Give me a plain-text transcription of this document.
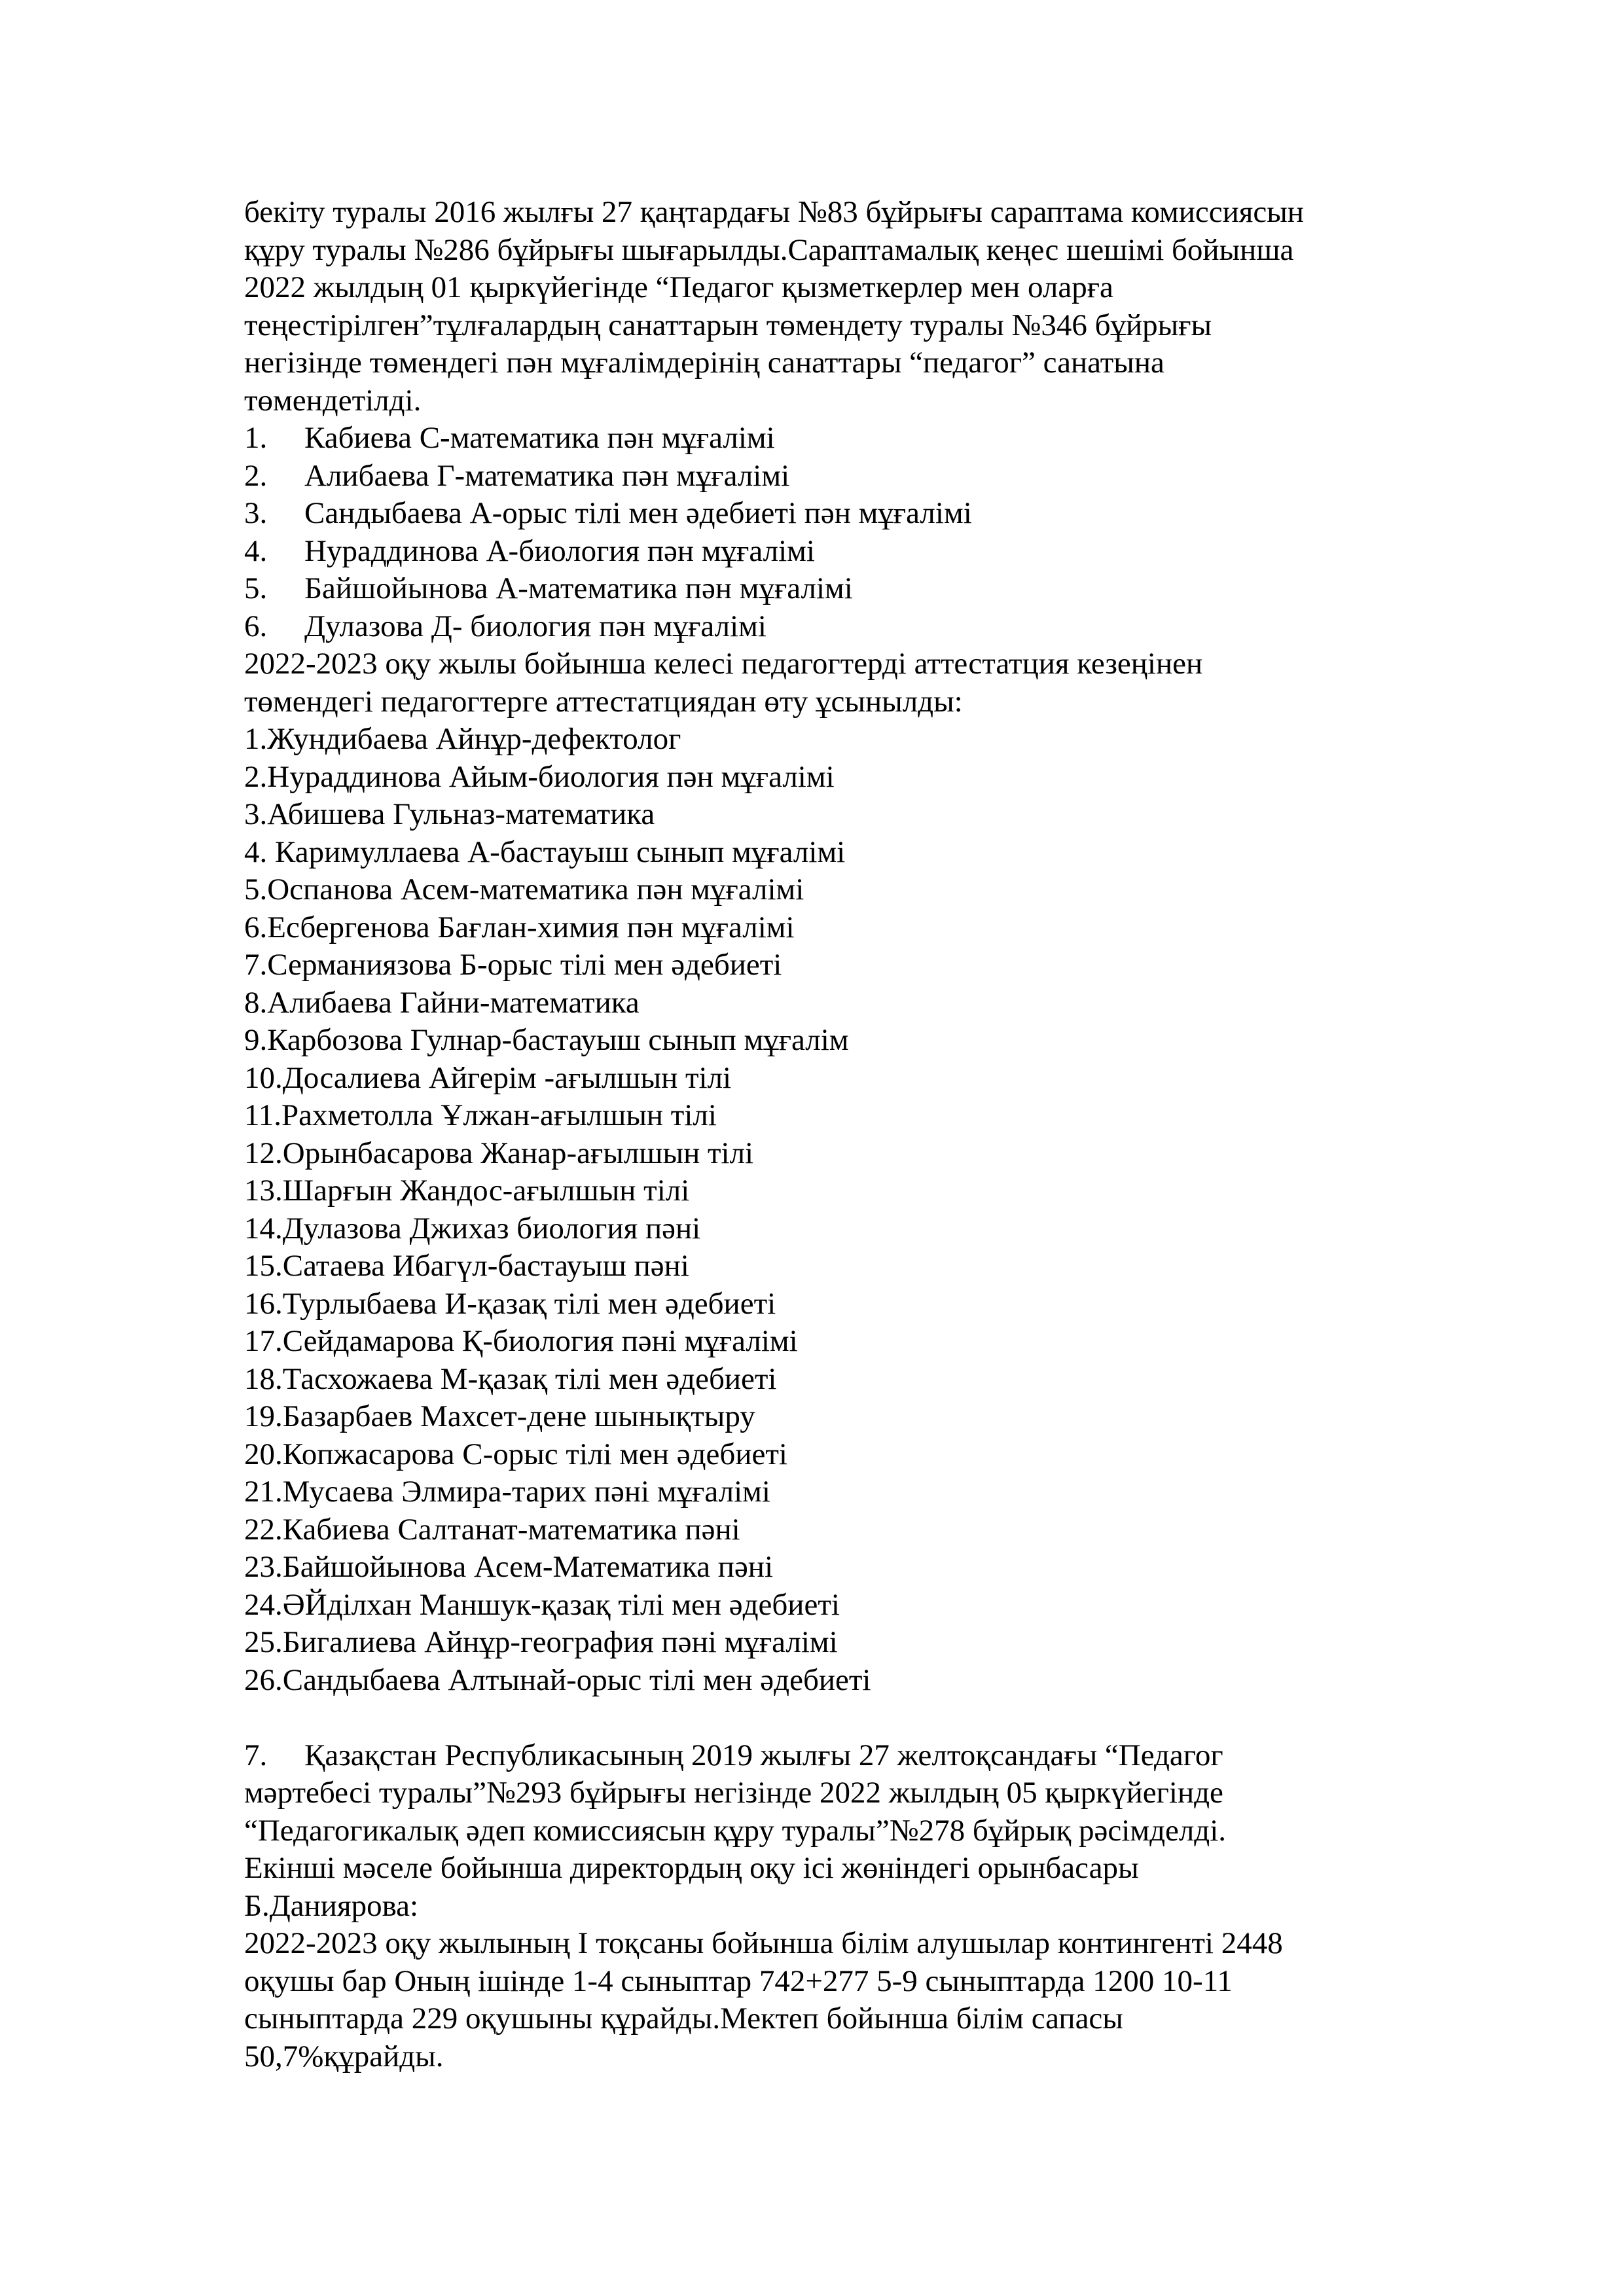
бекіту туралы 2016 жылғы 27 қаңтардағы №83 бұйрығы сараптама комиссиясын
құру туралы №286 бұйрығы шығарылды.Сараптамалық кеңес шешімі бойынша
2022 жылдың 01 қыркүйегінде “Педагог қызметкерлер мен оларға
теңестірілген”тұлғалардың санаттарын төмендету туралы №346 бұйрығы
негізінде төмендегі пән мұғалімдерінің санаттары “педагог” санатына
төмендетілді.
1. Кабиева С-математика пән мұғалімі
2. Алибаева Г-математика пән мұғалімі
3. Сандыбаева А-орыс тілі мен әдебиеті пән мұғалімі
4. Нураддинова А-биология пән мұғалімі
5. Байшойынова А-математика пән мұғалімі
6. Дулазова Д- биология пән мұғалімі
2022-2023 оқу жылы бойынша келесі педагогтерді аттестатция кезеңінен
төмендегі педагогтерге аттестатциядан өту ұсынылды:
1.Жундибаева Айнұр-дефектолог
2.Нураддинова Айым-биология пән мұғалімі
3.Абишева Гульназ-математика
4. Каримуллаева А-бастауыш сынып мұғалімі
5.Оспанова Асем-математика пән мұғалімі
6.Есбергенова Бағлан-химия пән мұғалімі
7.Серманиязова Б-орыс тілі мен әдебиеті
8.Алибаева Гайни-математика
9.Карбозова Гулнар-бастауыш сынып мұғалім
10.Досалиева Айгерім -ағылшын тілі
11.Рахметолла Ұлжан-ағылшын тілі
12.Орынбасарова Жанар-ағылшын тілі
13.Шарғын Жандос-ағылшын тілі
14.Дулазова Джихаз биология пәні
15.Сатаева Ибагүл-бастауыш пәні
16.Турлыбаева И-қазақ тілі мен әдебиеті
17.Сейдамарова Қ-биология пәні мұғалімі
18.Тасхожаева М-қазақ тілі мен әдебиеті
19.Базарбаев Махсет-дене шынықтыру
20.Копжасарова С-орыс тілі мен әдебиеті
21.Мусаева Элмира-тарих пәні мұғалімі
22.Кабиева Салтанат-математика пәні
23.Байшойынова Асем-Математика пәні
24.ӘЙділхан Маншук-қазақ тілі мен әдебиеті
25.Бигалиева Айнұр-география пәні мұғалімі
26.Сандыбаева Алтынай-орыс тілі мен әдебиеті
7. Қазақстан Республикасының 2019 жылғы 27 желтоқсандағы “Педагог
мәртебесі туралы”№293 бұйрығы негізінде 2022 жылдың 05 қыркүйегінде
“Педагогикалық әдеп комиссиясын құру туралы”№278 бұйрық рәсімделді.
Екінші мәселе бойынша директордың оқу ісі жөніндегі орынбасары
Б.Даниярова:
2022-2023 оқу жылының І тоқсаны бойынша білім алушылар контингенті 2448
оқушы бар Оның ішінде 1-4 сыныптар 742+277 5-9 сыныптарда 1200 10-11
сыныптарда 229 оқушыны құрайды.Мектеп бойынша білім сапасы
50,7%құрайды.
